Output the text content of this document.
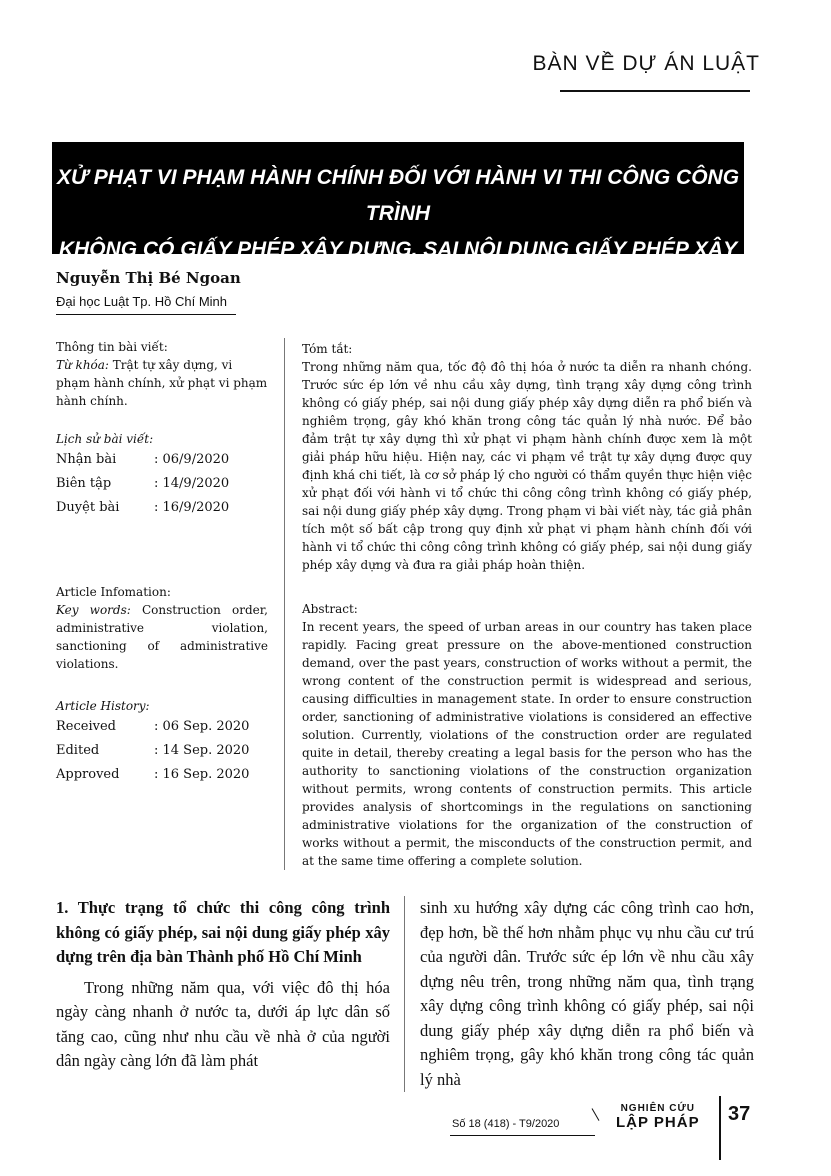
BÀN VỀ DỰ ÁN LUẬT
XỬ PHẠT VI PHẠM HÀNH CHÍNH ĐỐI VỚI HÀNH VI THI CÔNG CÔNG TRÌNH
KHÔNG CÓ GIẤY PHÉP XÂY DỰNG, SAI NỘI DUNG GIẤY PHÉP XÂY DỰNG
Nguyễn Thị Bé Ngoan
Đại học Luật Tp. Hồ Chí Minh
Thông tin bài viết:
Từ khóa: Trật tự xây dựng, vi phạm hành chính, xử phạt vi phạm hành chính.
Lịch sử bài viết:
Nhận bài	: 06/9/2020
Biên tập	: 14/9/2020
Duyệt bài	: 16/9/2020
Article Infomation:
Key words: Construction order, administrative violation, sanctioning of administrative violations.
Article History:
Received	: 06 Sep. 2020
Edited	: 14 Sep. 2020
Approved	: 16 Sep. 2020
Tóm tắt:

Trong những năm qua, tốc độ đô thị hóa ở nước ta diễn ra nhanh chóng. Trước sức ép lớn về nhu cầu xây dựng, tình trạng xây dựng công trình không có giấy phép, sai nội dung giấy phép xây dựng diễn ra phổ biến và nghiêm trọng, gây khó khăn trong công tác quản lý nhà nước. Để bảo đảm trật tự xây dựng thì xử phạt vi phạm hành chính được xem là một giải pháp hữu hiệu. Hiện nay, các vi phạm về trật tự xây dựng được quy định khá chi tiết, là cơ sở pháp lý cho người có thẩm quyền thực hiện việc xử phạt đối với hành vi tổ chức thi công công trình không có giấy phép, sai nội dung giấy phép xây dựng. Trong phạm vi bài viết này, tác giả phân tích một số bất cập trong quy định xử phạt vi phạm hành chính đối với hành vi tổ chức thi công công trình không có giấy phép, sai nội dung giấy phép xây dựng và đưa ra giải pháp hoàn thiện.

Abstract:

In recent years, the speed of urban areas in our country has taken place rapidly. Facing great pressure on the above-mentioned construction demand, over the past years, construction of works without a permit, the wrong content of the construction permit is widespread and serious, causing difficulties in management state. In order to ensure construction order, sanctioning of administrative violations is considered an effective solution. Currently, violations of the construction order are regulated quite in detail, thereby creating a legal basis for the person who has the authority to sanctioning violations of the construction organization without permits, wrong contents of construction permits. This article provides analysis of shortcomings in the regulations on sanctioning administrative violations for the organization of the construction of works without a permit, the misconducts of the construction permit, and at the same time offering a complete solution.

1. Thực trạng tổ chức thi công công trình không có giấy phép, sai nội dung giấy phép xây dựng trên địa bàn Thành phố Hồ Chí Minh

Trong những năm qua, với việc đô thị hóa ngày càng nhanh ở nước ta, dưới áp lực dân số tăng cao, cũng như nhu cầu về nhà ở của người dân ngày càng lớn đã làm phát

sinh xu hướng xây dựng các công trình cao hơn, đẹp hơn, bề thế hơn nhằm phục vụ nhu cầu cư trú của người dân. Trước sức ép lớn về nhu cầu xây dựng nêu trên, trong những năm qua, tình trạng xây dựng công trình không có giấy phép, sai nội dung giấy phép xây dựng diễn ra phổ biến và nghiêm trọng, gây khó khăn trong công tác quản lý nhà

Số 18 (418) - T9/2020
NGHIÊN CỨU
LẬP PHÁP 37
